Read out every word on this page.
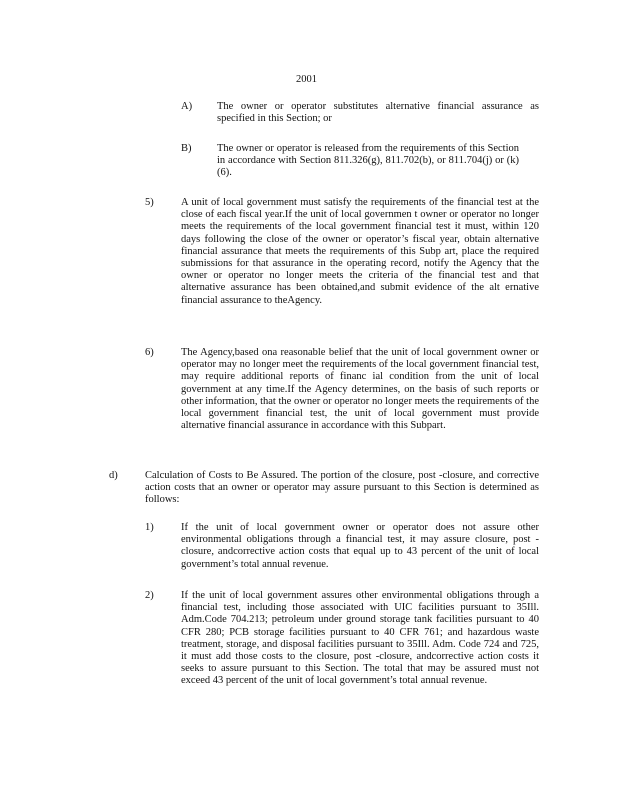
2001
A) The owner or operator substitutes alternative financial assurance as specified in this Section; or
B) The owner or operator is released from the requirements of this Section in accordance with Section 811.326(g), 811.702(b), or 811.704(j) or (k)(6).
5)	A unit of local government must satisfy the requirements of the financial test at the close of each fiscal year.If the unit of local governmen t owner or operator no longer meets the requirements of the local government financial test it must, within 120 days following the close of the owner or operator’s fiscal year, obtain alternative financial assurance that meets the requirements of this Subp art, place the required submissions for that assurance in the operating record, notify the Agency that the owner or operator no longer meets the criteria of the financial test and that alternative assurance has been obtained,and submit evidence of the alt ernative financial assurance to theAgency.
6)	The Agency,based ona reasonable belief that the unit of local government owner or operator may no longer meet the requirements of the local government financial test, may require additional reports of financ ial condition from the unit of local government at any time.If the Agency determines, on the basis of such reports or other information, that the owner or operator no longer meets the requirements of the local government financial test, the unit of local government must provide alternative financial assurance in accordance with this Subpart.
d)	Calculation of Costs to Be Assured. The portion of the closure, post -closure, and corrective action costs that an owner or operator may assure pursuant to this Section is determined as follows:
1)	If the unit of local government owner or operator does not assure other environmental obligations through a financial test, it may assure closure, post -closure, andcorrective action costs that equal up to 43 percent of the unit of local government’s total annual revenue.
2)	If the unit of local government assures other environmental obligations through a financial test, including those associated with UIC facilities pursuant to 35Ill. Adm.Code 704.213; petroleum under ground storage tank facilities pursuant to 40 CFR 280; PCB storage facilities pursuant to 40 CFR 761; and hazardous waste treatment, storage, and disposal facilities pursuant to 35Ill. Adm. Code 724 and 725, it must add those costs to the closure, post -closure, andcorrective action costs it seeks to assure pursuant to this Section. The total that may be assured must not exceed 43 percent of the unit of local government’s total annual revenue.
